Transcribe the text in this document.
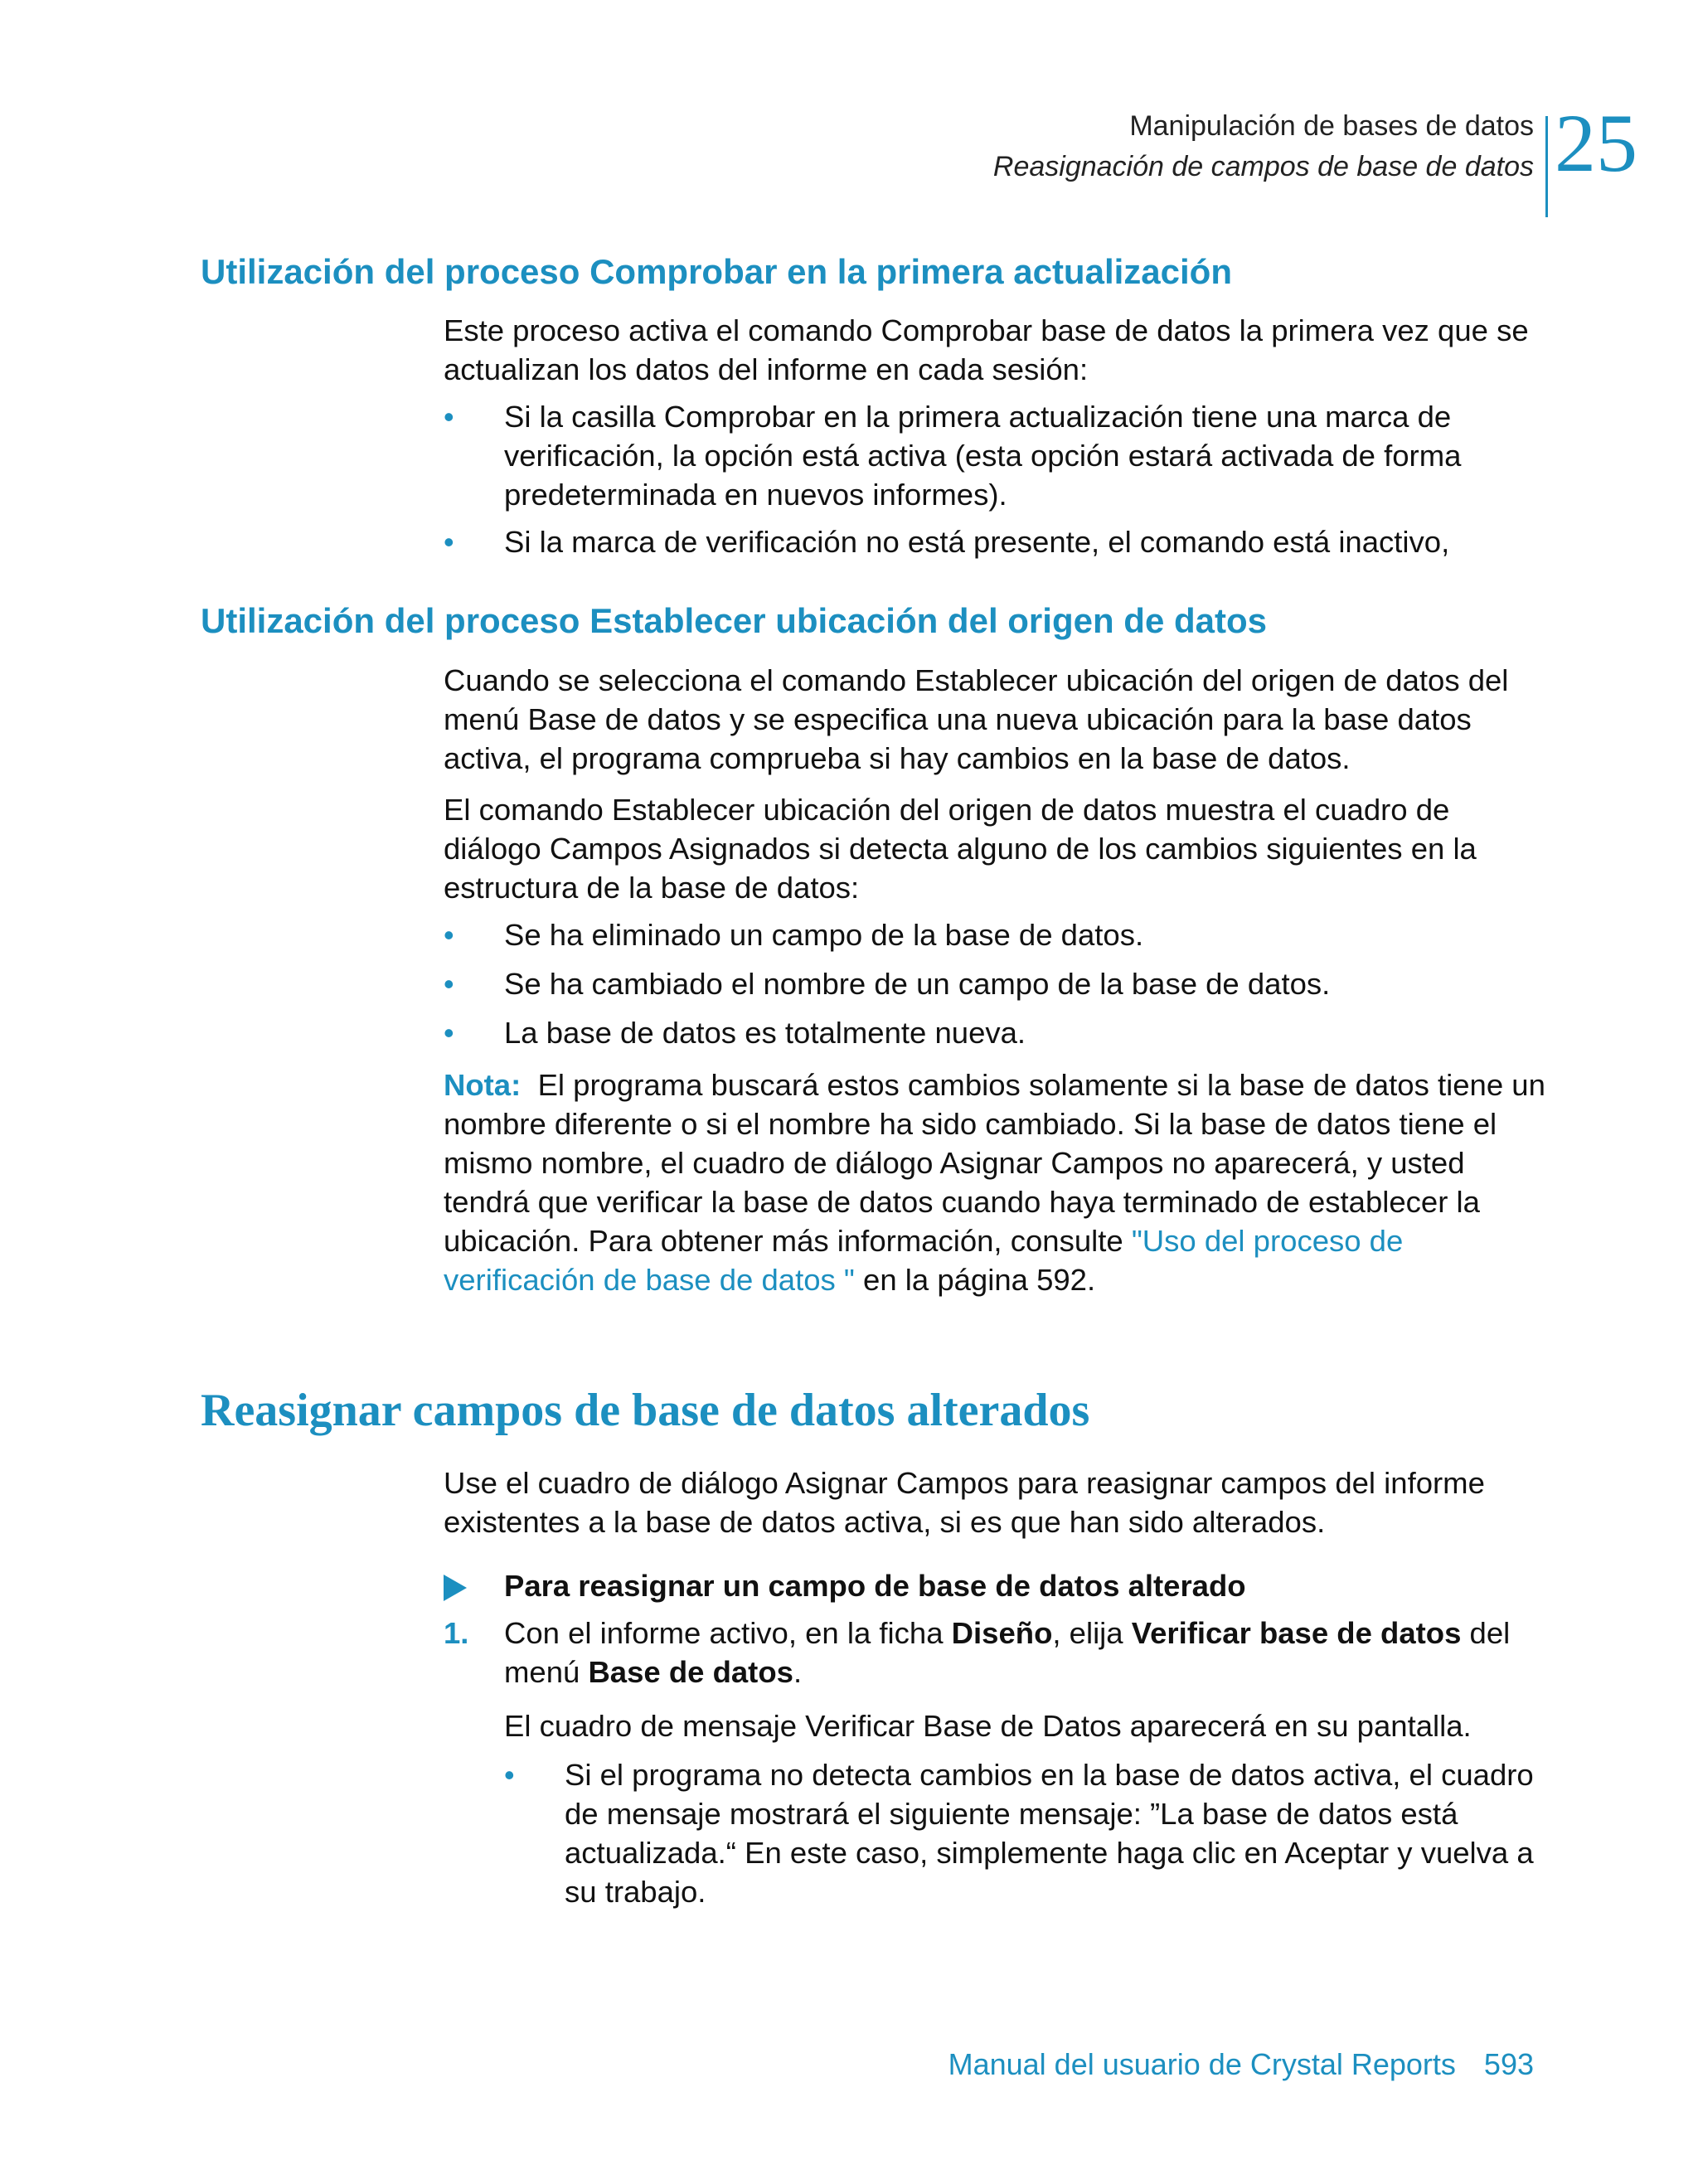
Manipulación de bases de datos
Reasignación de campos de base de datos 25
Utilización del proceso Comprobar en la primera actualización

Este proceso activa el comando Comprobar base de datos la primera vez que se actualizan los datos del informe en cada sesión:

• Si la casilla Comprobar en la primera actualización tiene una marca de verificación, la opción está activa (esta opción estará activada de forma predeterminada en nuevos informes).
• Si la marca de verificación no está presente, el comando está inactivo,
Utilización del proceso Establecer ubicación del origen de datos

Cuando se selecciona el comando Establecer ubicación del origen de datos del menú Base de datos y se especifica una nueva ubicación para la base datos activa, el programa comprueba si hay cambios en la base de datos.

El comando Establecer ubicación del origen de datos muestra el cuadro de diálogo Campos Asignados si detecta alguno de los cambios siguientes en la estructura de la base de datos:

• Se ha eliminado un campo de la base de datos.
• Se ha cambiado el nombre de un campo de la base de datos.
• La base de datos es totalmente nueva.

Nota: El programa buscará estos cambios solamente si la base de datos tiene un nombre diferente o si el nombre ha sido cambiado. Si la base de datos tiene el mismo nombre, el cuadro de diálogo Asignar Campos no aparecerá, y usted tendrá que verificar la base de datos cuando haya terminado de establecer la ubicación. Para obtener más información, consulte "Uso del proceso de verificación de base de datos " en la página 592.

Reasignar campos de base de datos alterados

Use el cuadro de diálogo Asignar Campos para reasignar campos del informe existentes a la base de datos activa, si es que han sido alterados.

Para reasignar un campo de base de datos alterado
1. Con el informe activo, en la ficha Diseño, elija Verificar base de datos del menú Base de datos.

El cuadro de mensaje Verificar Base de Datos aparecerá en su pantalla.

• Si el programa no detecta cambios en la base de datos activa, el cuadro de mensaje mostrará el siguiente mensaje: ”La base de datos está actualizada.“ En este caso, simplemente haga clic en Aceptar y vuelva a su trabajo.
Manual del usuario de Crystal Reports 593
